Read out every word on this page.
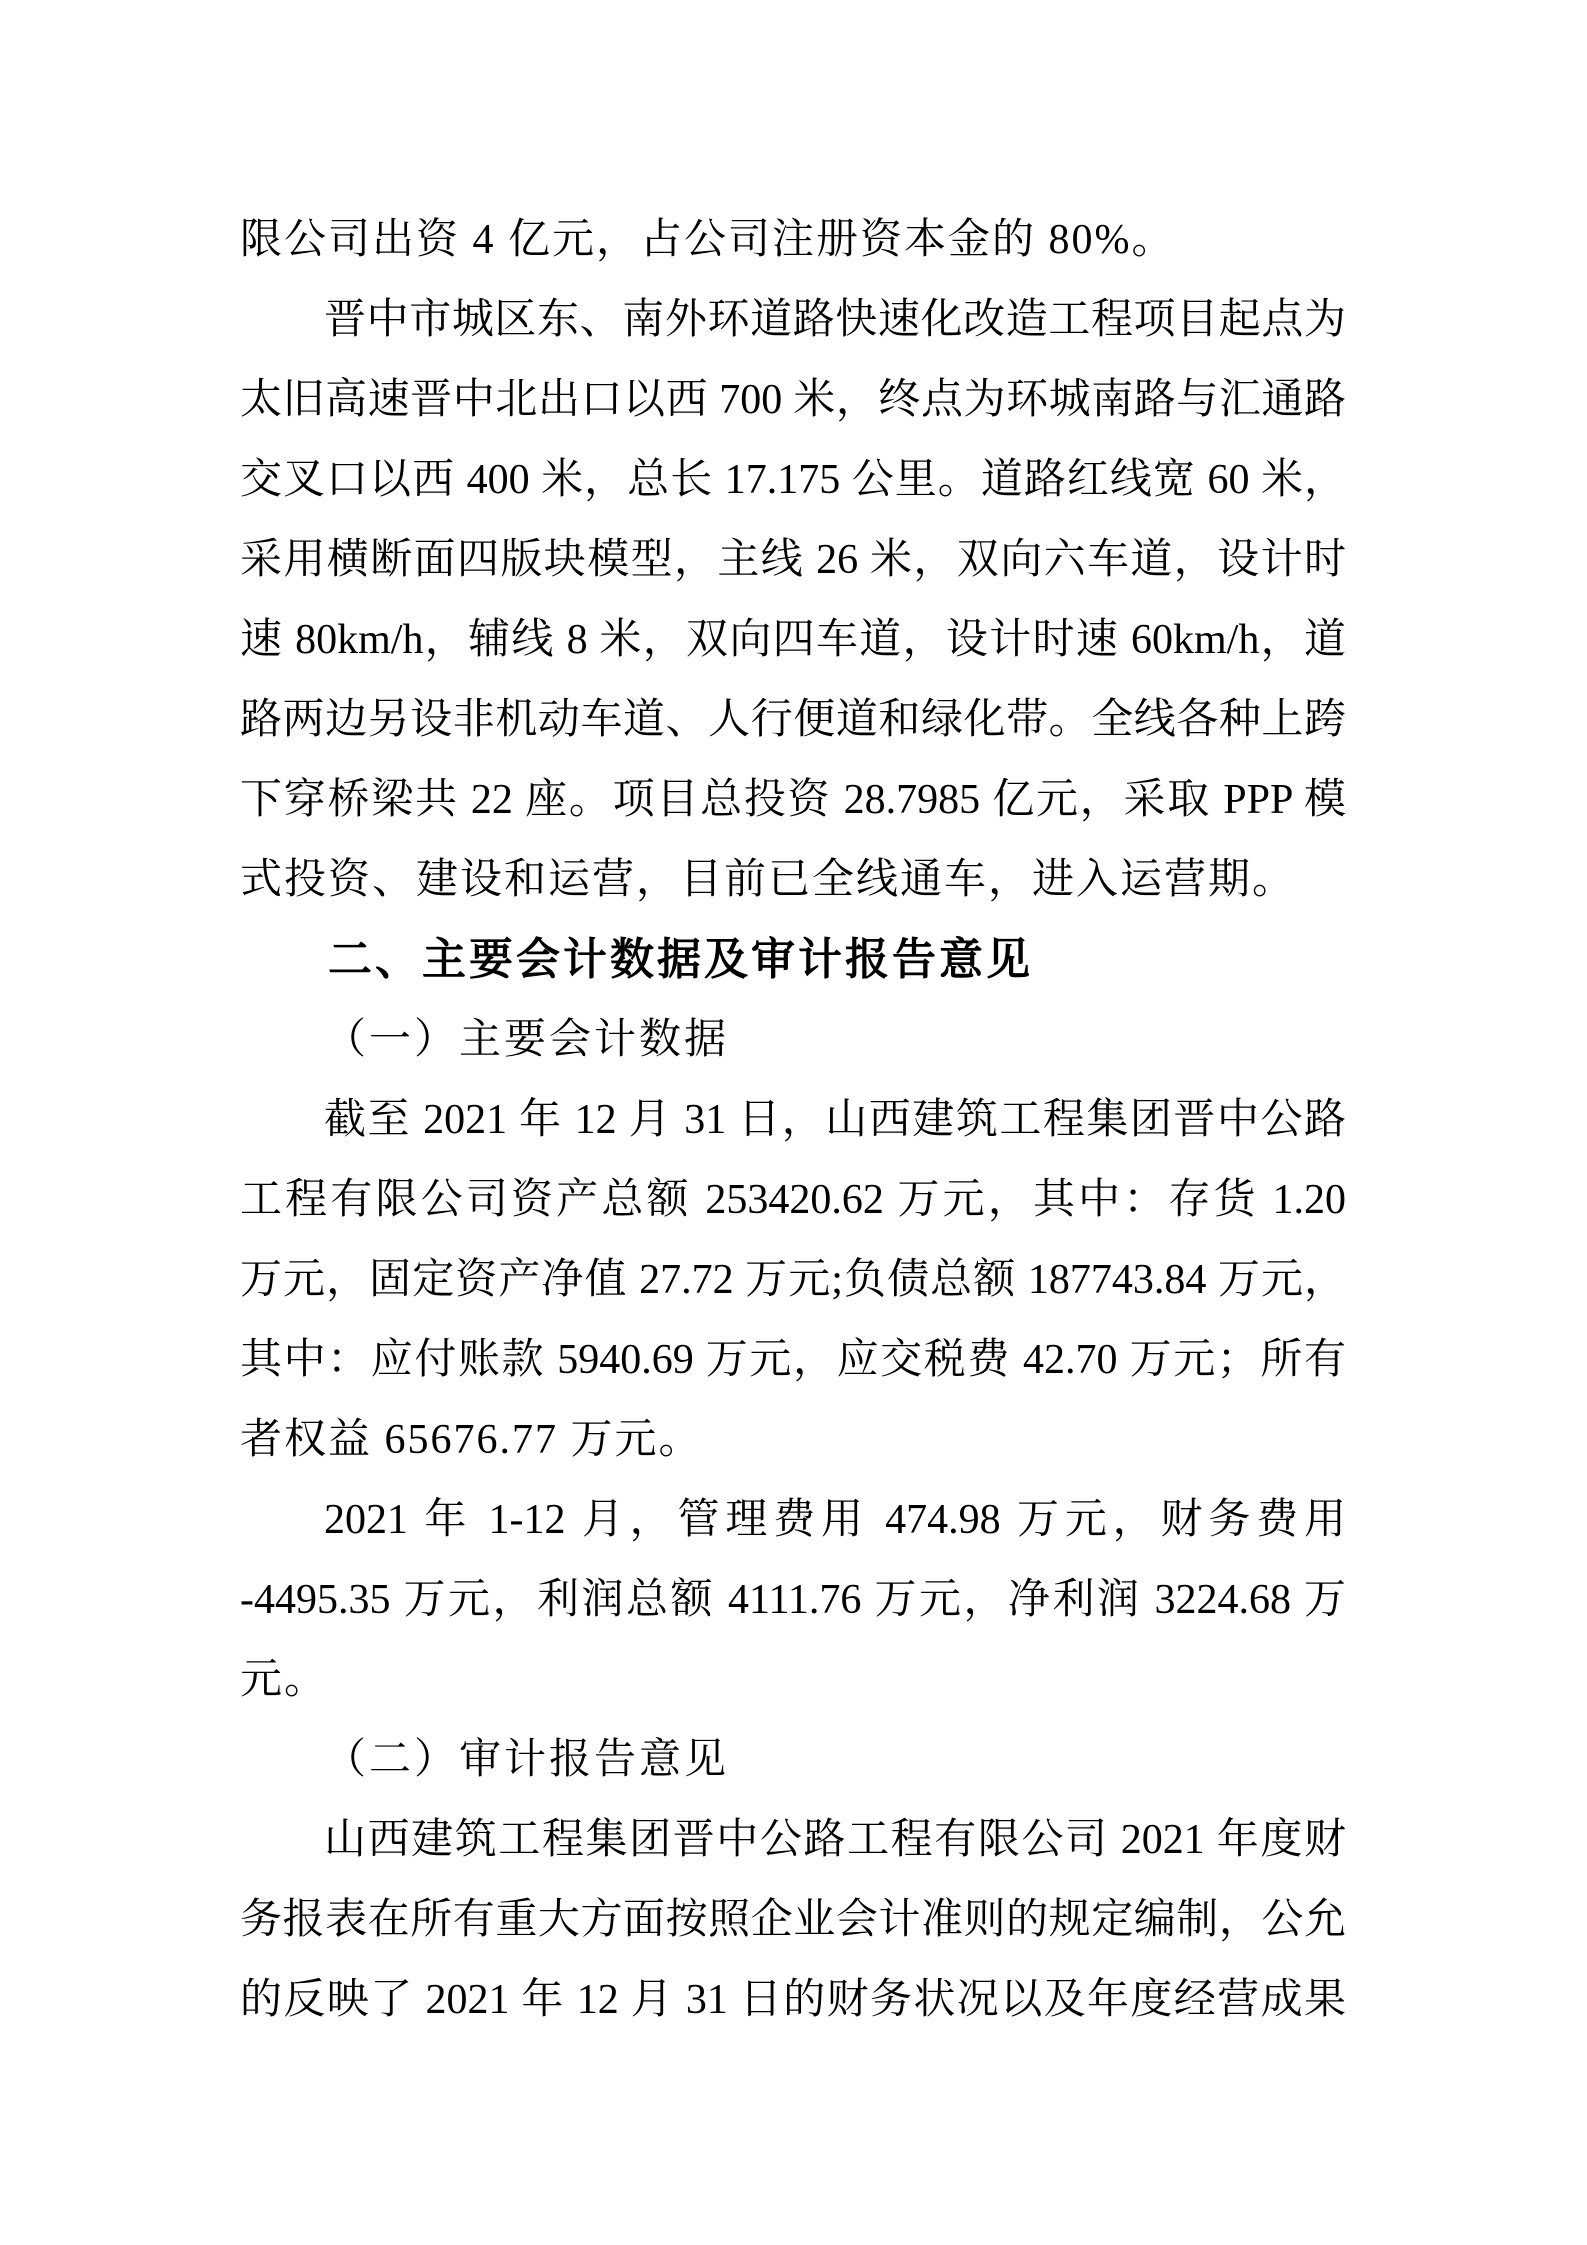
限公司出资 4 亿元，占公司注册资本金的 80%。
晋中市城区东、南外环道路快速化改造工程项目起点为
太旧高速晋中北出口以西 700 米，终点为环城南路与汇通路
交叉口以西 400 米，总长 17.175 公里。道路红线宽 60 米，
采用横断面四版块模型，主线 26 米，双向六车道，设计时
速 80km/h，辅线 8 米，双向四车道，设计时速 60km/h，道
路两边另设非机动车道、人行便道和绿化带。全线各种上跨
下穿桥梁共 22 座。项目总投资 28.7985 亿元，采取 PPP 模
式投资、建设和运营，目前已全线通车，进入运营期。
二、主要会计数据及审计报告意见
（一）主要会计数据
截至 2021 年 12 月 31 日，山西建筑工程集团晋中公路
工程有限公司资产总额 253420.62 万元，其中：存货 1.20
万元，固定资产净值 27.72 万元;负债总额 187743.84 万元，
其中：应付账款 5940.69 万元，应交税费 42.70 万元；所有
者权益 65676.77 万元。
2021 年 1-12 月，管理费用 474.98 万元，财务费用
-4495.35 万元，利润总额 4111.76 万元，净利润 3224.68 万
元。
（二）审计报告意见
山西建筑工程集团晋中公路工程有限公司 2021 年度财
务报表在所有重大方面按照企业会计准则的规定编制，公允
的反映了 2021 年 12 月 31 日的财务状况以及年度经营成果
